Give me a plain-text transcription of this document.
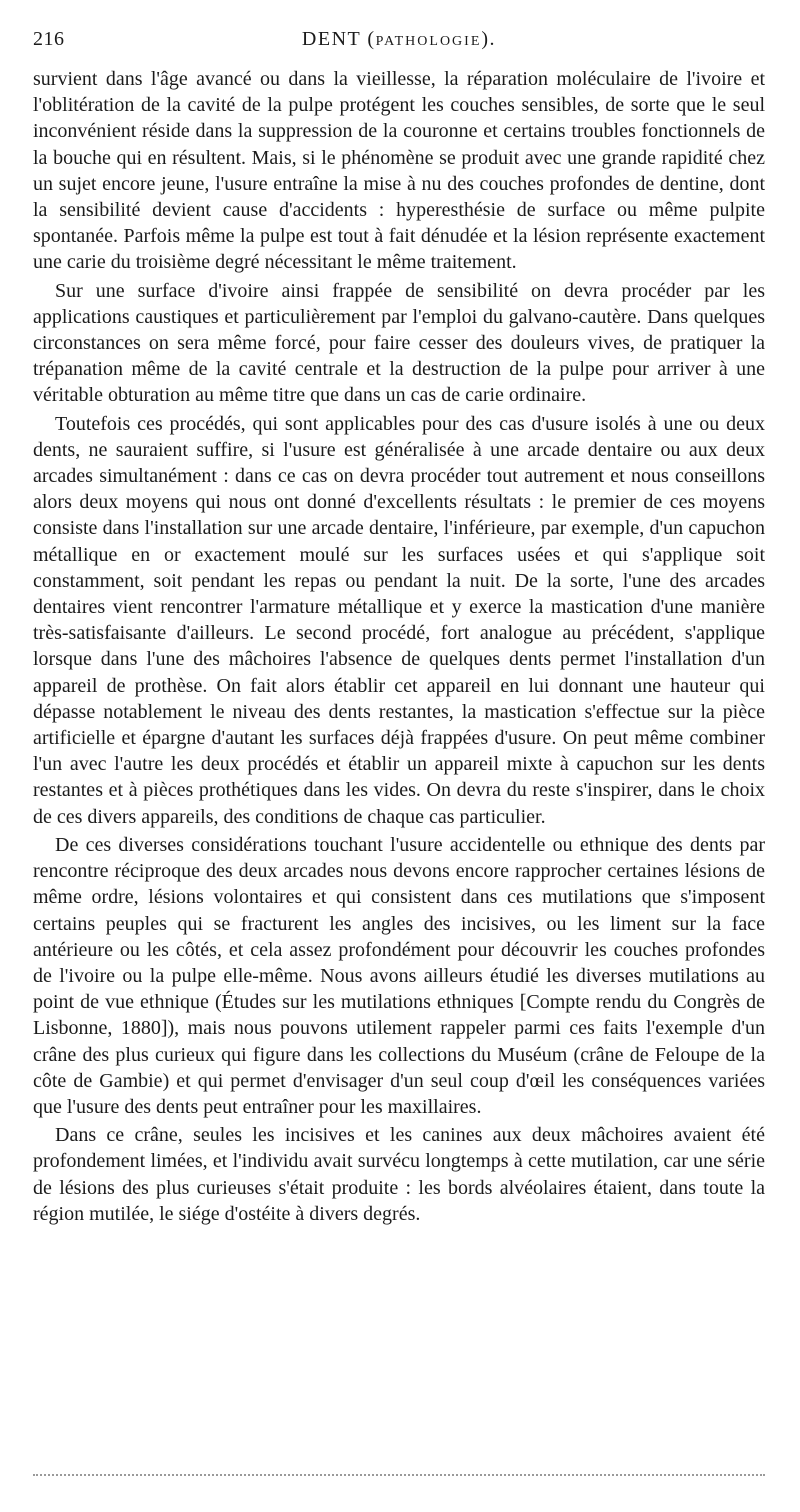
216	DENT (PATHOLOGIE).

survient dans l'âge avancé ou dans la vieillesse, la réparation moléculaire de l'ivoire et l'oblitération de la cavité de la pulpe protégent les couches sensibles, de sorte que le seul inconvénient réside dans la suppression de la couronne et certains troubles fonctionnels de la bouche qui en résultent. Mais, si le phénomène se produit avec une grande rapidité chez un sujet encore jeune, l'usure entraîne la mise à nu des couches profondes de dentine, dont la sensibilité devient cause d'accidents : hyperesthésie de surface ou même pulpite spontanée. Parfois même la pulpe est tout à fait dénudée et la lésion représente exactement une carie du troisième degré nécessitant le même traitement.

Sur une surface d'ivoire ainsi frappée de sensibilité on devra procéder par les applications caustiques et particulièrement par l'emploi du galvano-cautère. Dans quelques circonstances on sera même forcé, pour faire cesser des douleurs vives, de pratiquer la trépanation même de la cavité centrale et la destruction de la pulpe pour arriver à une véritable obturation au même titre que dans un cas de carie ordinaire.

Toutefois ces procédés, qui sont applicables pour des cas d'usure isolés à une ou deux dents, ne sauraient suffire, si l'usure est généralisée à une arcade dentaire ou aux deux arcades simultanément : dans ce cas on devra procéder tout autrement et nous conseillons alors deux moyens qui nous ont donné d'excellents résultats : le premier de ces moyens consiste dans l'installation sur une arcade dentaire, l'inférieure, par exemple, d'un capuchon métallique en or exactement moulé sur les surfaces usées et qui s'applique soit constamment, soit pendant les repas ou pendant la nuit. De la sorte, l'une des arcades dentaires vient rencontrer l'armature métallique et y exerce la mastication d'une manière très-satisfaisante d'ailleurs. Le second procédé, fort analogue au précédent, s'applique lorsque dans l'une des mâchoires l'absence de quelques dents permet l'installation d'un appareil de prothèse. On fait alors établir cet appareil en lui donnant une hauteur qui dépasse notablement le niveau des dents restantes, la mastication s'effectue sur la pièce artificielle et épargne d'autant les surfaces déjà frappées d'usure. On peut même combiner l'un avec l'autre les deux procédés et établir un appareil mixte à capuchon sur les dents restantes et à pièces prothétiques dans les vides. On devra du reste s'inspirer, dans le choix de ces divers appareils, des conditions de chaque cas particulier.

De ces diverses considérations touchant l'usure accidentelle ou ethnique des dents par rencontre réciproque des deux arcades nous devons encore rapprocher certaines lésions de même ordre, lésions volontaires et qui consistent dans ces mutilations que s'imposent certains peuples qui se fracturent les angles des incisives, ou les liment sur la face antérieure ou les côtés, et cela assez profondément pour découvrir les couches profondes de l'ivoire ou la pulpe elle-même. Nous avons ailleurs étudié les diverses mutilations au point de vue ethnique (Études sur les mutilations ethniques [Compte rendu du Congrès de Lisbonne, 1880]), mais nous pouvons utilement rappeler parmi ces faits l'exemple d'un crâne des plus curieux qui figure dans les collections du Muséum (crâne de Feloupe de la côte de Gambie) et qui permet d'envisager d'un seul coup d'œil les conséquences variées que l'usure des dents peut entraîner pour les maxillaires.

Dans ce crâne, seules les incisives et les canines aux deux mâchoires avaient été profondement limées, et l'individu avait survécu longtemps à cette mutilation, car une série de lésions des plus curieuses s'était produite : les bords alvéolaires étaient, dans toute la région mutilée, le siége d'ostéite à divers degrés.
